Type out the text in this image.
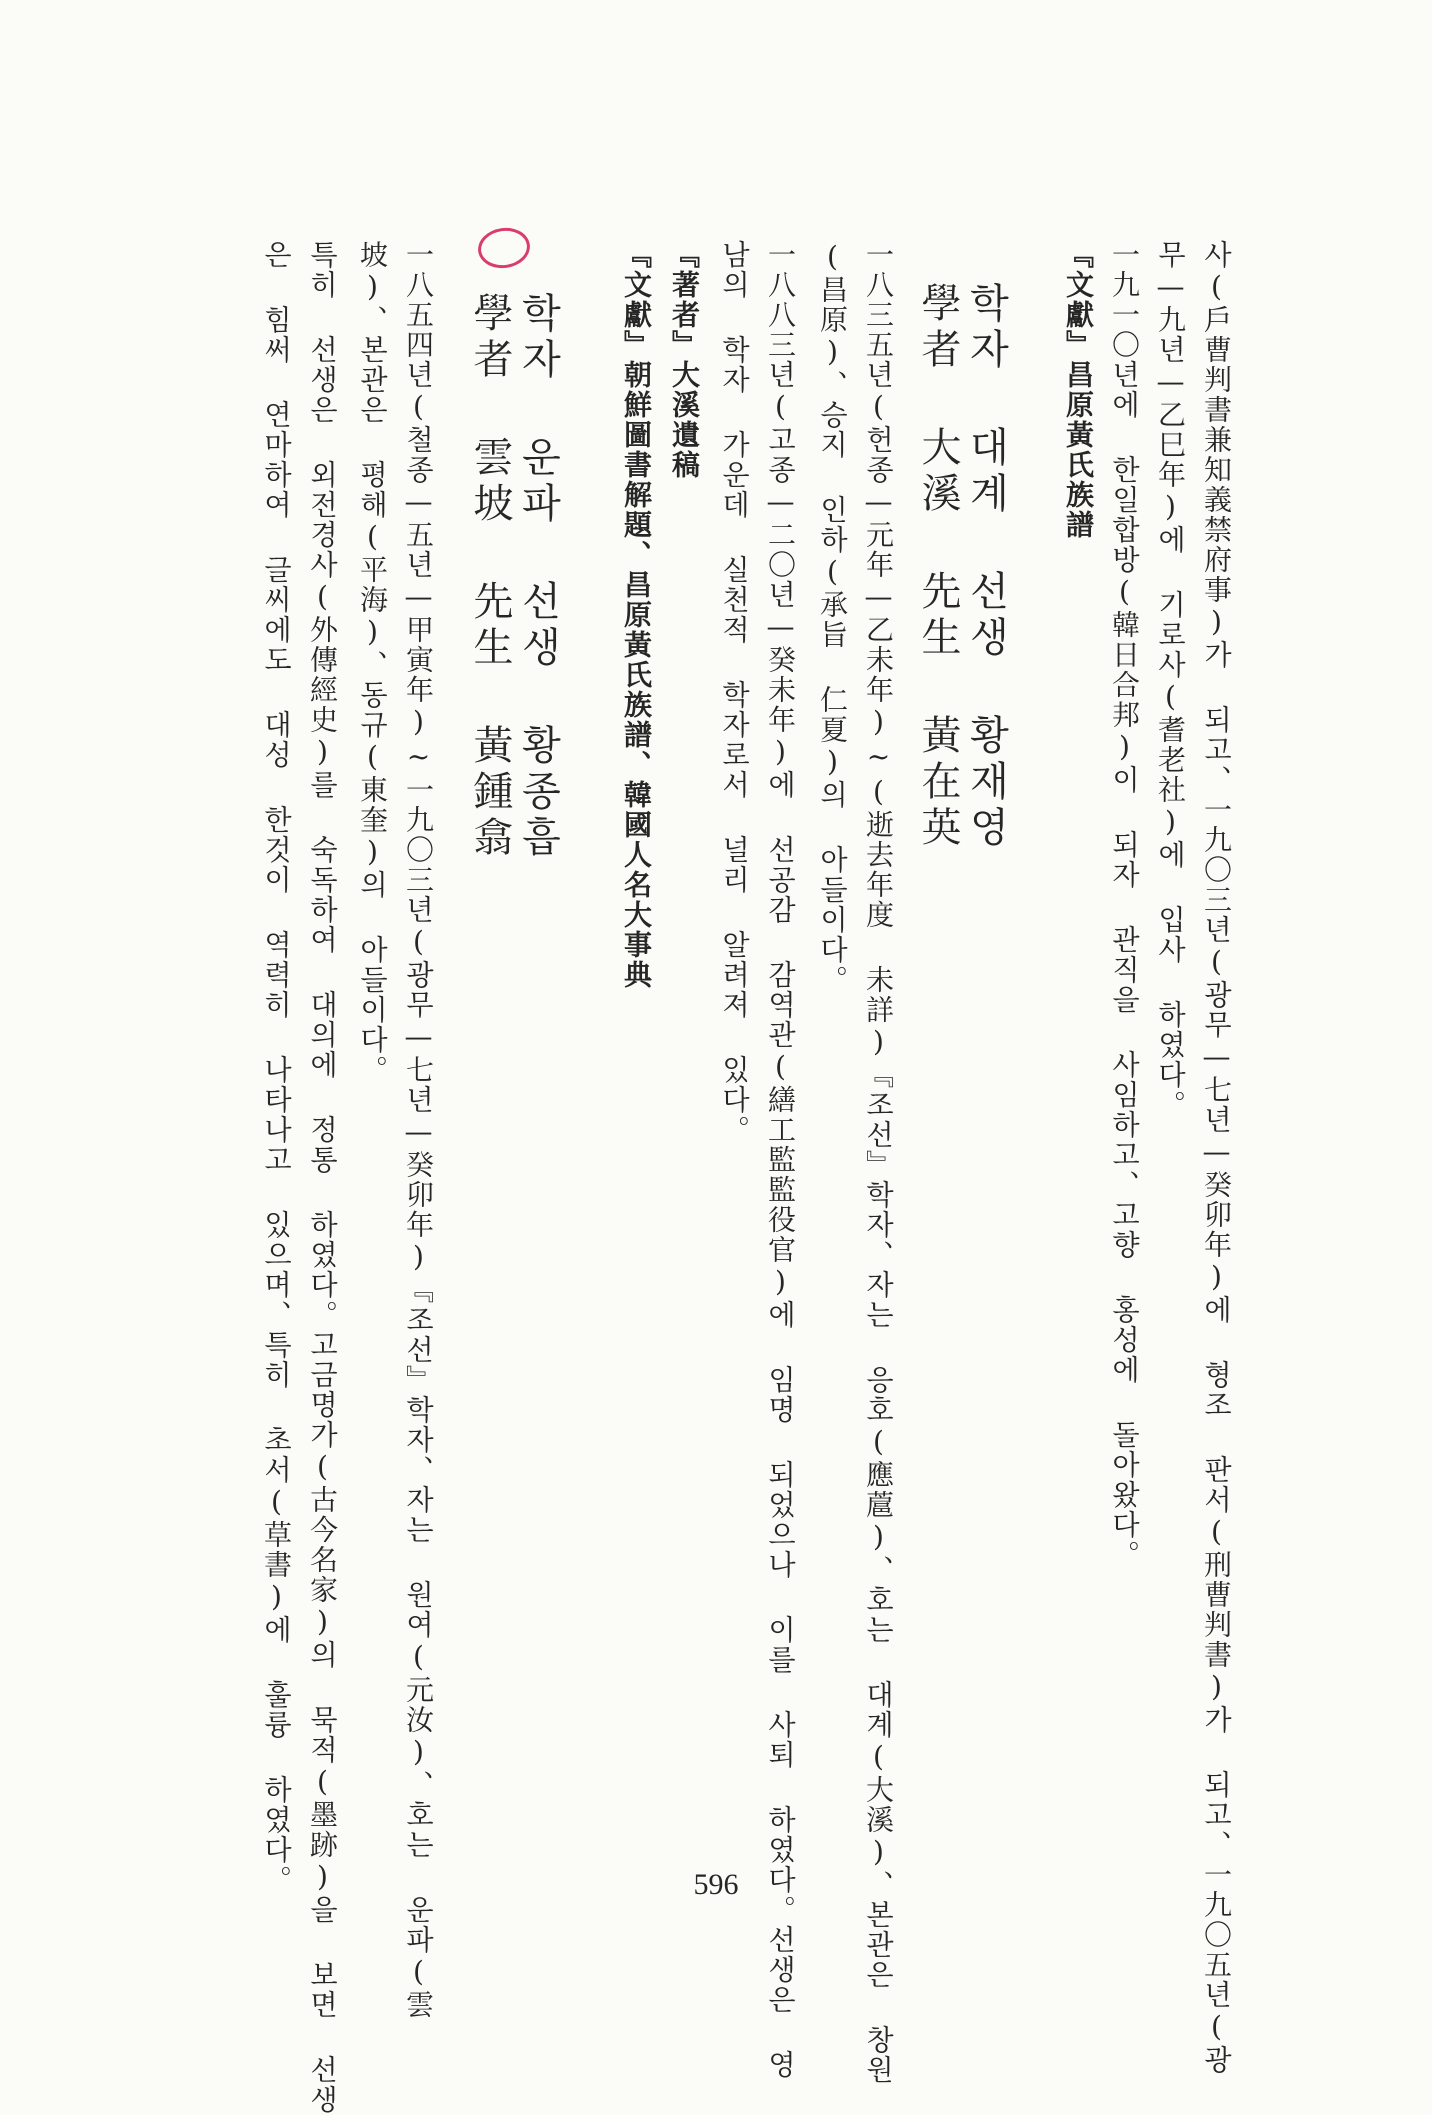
사(戶曹判書兼知義禁府事)가 되고、一九〇三년(광무—七년—癸卯年)에 형조 판서(刑曹判書)가 되고、一九〇五년(광
무—九년—乙巳年)에 기로사(耆老社)에 입사 하였다。
一九一〇년에 한일합방(韓日合邦)이 되자 관직을 사임하고、고향 홍성에 돌아왔다。
『文獻』昌原黃氏族譜
학자 대계 선생 황재영
學者 大溪 先生 黃在英
一八三五년(헌종—元年—乙未年)~(逝去年度 未詳)『조선』학자、자는 응호(應蔰)、호는 대계(大溪)、본관은 창원
(昌原)、승지 인하(承旨 仁夏)의 아들이다。
一八八三년(고종—二〇년—癸未年)에 선공감 감역관(繕工監監役官)에 임명 되었으나 이를 사퇴 하였다。선생은 영
남의 학자 가운데 실천적 학자로서 널리 알려져 있다。
『著者』大溪遺稿
『文獻』朝鮮圖書解題、昌原黃氏族譜、韓國人名大事典
학자 운파 선생 황종흡
學者 雲坡 先生 黃鍾翕
一八五四년(철종—五년—甲寅年)~一九〇三년(광무—七년—癸卯年)『조선』학자、자는 원여(元汝)、호는 운파(雲
坡)、본관은 평해(平海)、동규(東奎)의 아들이다。
특히 선생은 외전경사(外傳經史)를 숙독하여 대의에 정통 하였다。고금명가(古今名家)의 묵적(墨跡)을 보면 선생
은 힘써 연마하여 글씨에도 대성 한것이 역력히 나타나고 있으며、특히 초서(草書)에 훌륭 하였다。	596
